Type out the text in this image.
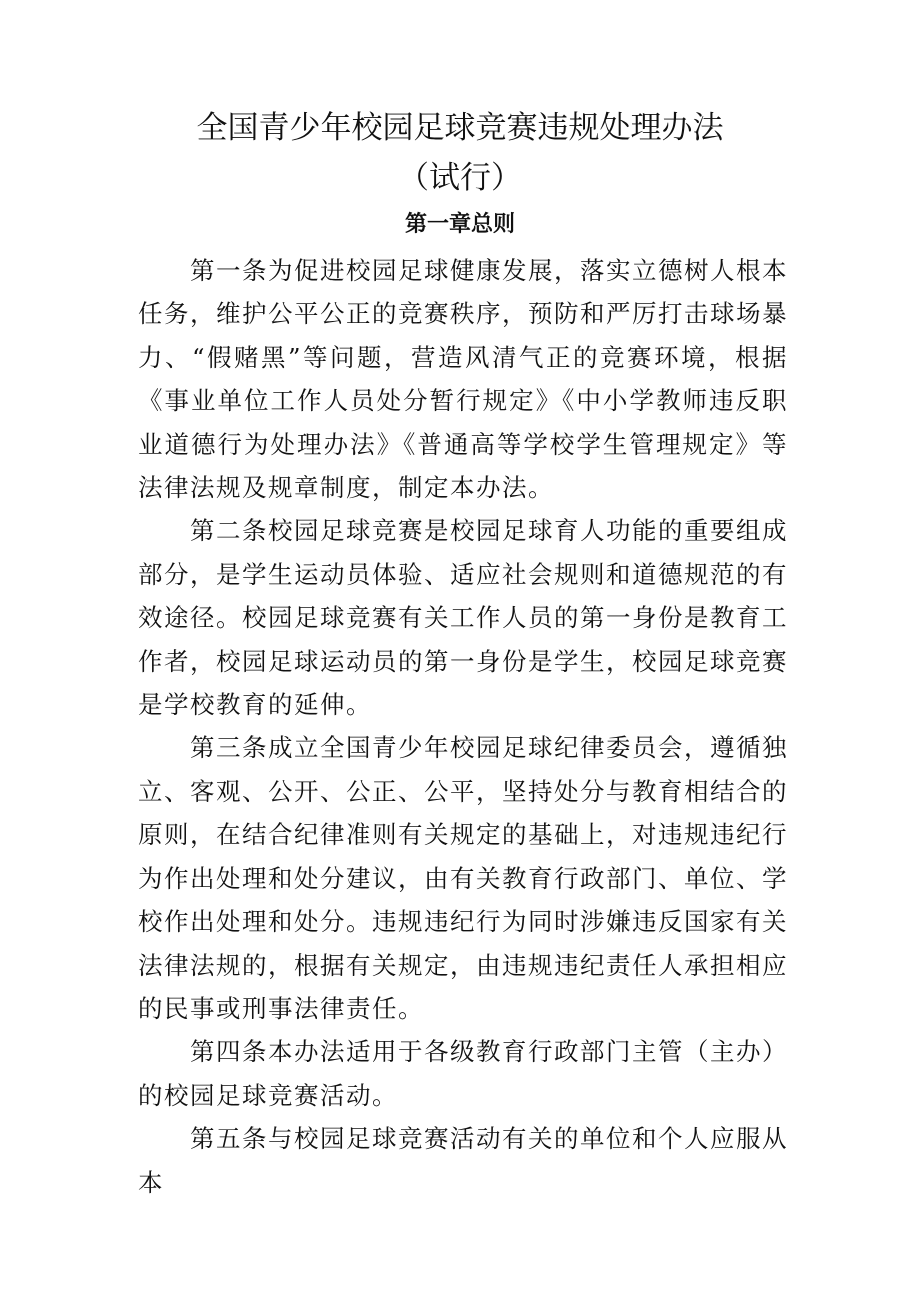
全国青少年校园足球竞赛违规处理办法
（试行）
第一章总则

第一条为促进校园足球健康发展，落实立德树人根本任务，维护公平公正的竞赛秩序，预防和严厉打击球场暴力、“假赌黑”等问题，营造风清气正的竞赛环境，根据《事业单位工作人员处分暂行规定》《中小学教师违反职业道德行为处理办法》《普通高等学校学生管理规定》等法律法规及规章制度，制定本办法。

第二条校园足球竞赛是校园足球育人功能的重要组成部分，是学生运动员体验、适应社会规则和道德规范的有效途径。校园足球竞赛有关工作人员的第一身份是教育工作者，校园足球运动员的第一身份是学生，校园足球竞赛是学校教育的延伸。

第三条成立全国青少年校园足球纪律委员会，遵循独立、客观、公开、公正、公平，坚持处分与教育相结合的原则，在结合纪律准则有关规定的基础上，对违规违纪行为作出处理和处分建议，由有关教育行政部门、单位、学校作出处理和处分。违规违纪行为同时涉嫌违反国家有关法律法规的，根据有关规定，由违规违纪责任人承担相应的民事或刑事法律责任。

第四条本办法适用于各级教育行政部门主管（主办）的校园足球竞赛活动。

第五条与校园足球竞赛活动有关的单位和个人应服从本
